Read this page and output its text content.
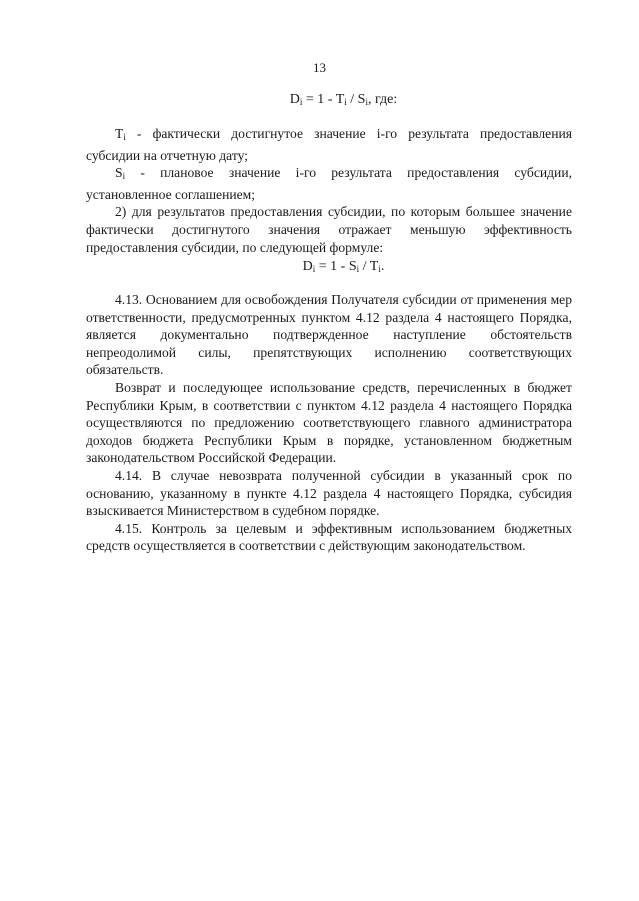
13
$D_i = 1 - T_i / S_i$, где:

$T_i$ - фактически достигнутое значение i-го результата предоставления субсидии на отчетную дату;

$S_i$ - плановое значение i-го результата предоставления субсидии, установленное соглашением;

2) для результатов предоставления субсидии, по которым большее значение фактически достигнутого значения отражает меньшую эффективность предоставления субсидии, по следующей формуле:

$D_i = 1 - S_i / T_i$.

4.13. Основанием для освобождения Получателя субсидии от применения мер ответственности, предусмотренных пунктом 4.12 раздела 4 настоящего Порядка, является документально подтвержденное наступление обстоятельств непреодолимой силы, препятствующих исполнению соответствующих обязательств.

Возврат и последующее использование средств, перечисленных в бюджет Республики Крым, в соответствии с пунктом 4.12 раздела 4 настоящего Порядка осуществляются по предложению соответствующего главного администратора доходов бюджета Республики Крым в порядке, установленном бюджетным законодательством Российской Федерации.

4.14. В случае невозврата полученной субсидии в указанный срок по основанию, указанному в пункте 4.12 раздела 4 настоящего Порядка, субсидия взыскивается Министерством в судебном порядке.

4.15. Контроль за целевым и эффективным использованием бюджетных средств осуществляется в соответствии с действующим законодательством.
